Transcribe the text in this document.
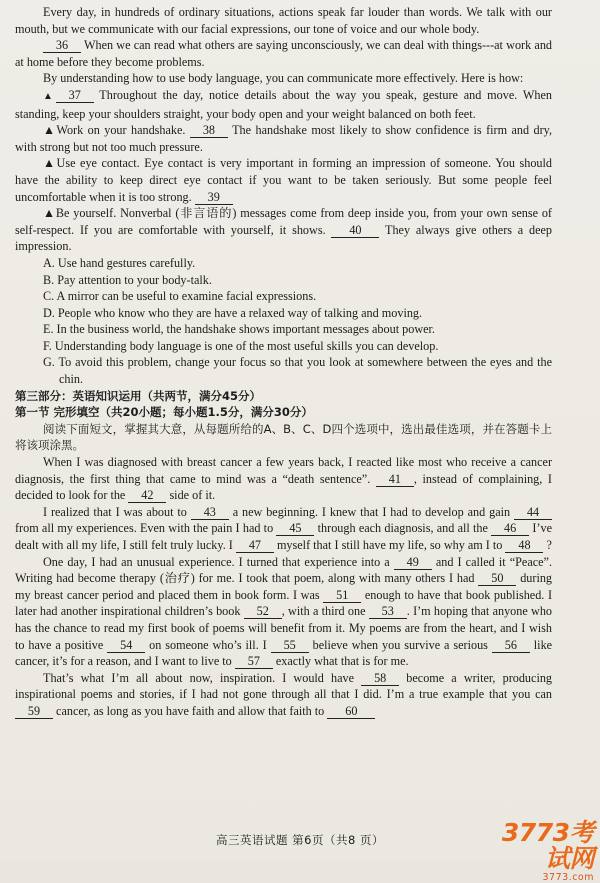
Every day, in hundreds of ordinary situations, actions speak far louder than words. We talk with our mouth, but we communicate with our facial expressions, our tone of voice and our whole body.

36 When we can read what others are saying unconsciously, we can deal with things---at work and at home before they become problems.

By understanding how to use body language, you can communicate more effectively. Here is how:

▲ 37 Throughout the day, notice details about the way you speak, gesture and move. When standing, keep your shoulders straight, your body open and your weight balanced on both feet.

▲Work on your handshake. 38 The handshake most likely to show confidence is firm and dry, with strong but not too much pressure.

▲Use eye contact. Eye contact is very important in forming an impression of someone. You should have the ability to keep direct eye contact if you want to be taken seriously. But some people feel uncomfortable when it is too strong. 39

▲Be yourself. Nonverbal (非言语的) messages come from deep inside you, from your own sense of self-respect. If you are comfortable with yourself, it shows. 40 They always give others a deep impression.

A. Use hand gestures carefully.

B. Pay attention to your body-talk.

C. A mirror can be useful to examine facial expressions.

D. People who know who they are have a relaxed way of talking and moving.

E. In the business world, the handshake shows important messages about power.

F. Understanding body language is one of the most useful skills you can develop.

G. To avoid this problem, change your focus so that you look at somewhere between the eyes and the chin.

第三部分：英语知识运用（共两节，满分45分）

第一节 完形填空（共20小题；每小题1.5分，满分30分）

阅读下面短文，掌握其大意，从每题所给的A、B、C、D四个选项中，选出最佳选项，并在答题卡上将该项涂黑。

When I was diagnosed with breast cancer a few years back, I reacted like most who receive a cancer diagnosis, the first thing that came to mind was a “death sentence”. 41 , instead of complaining, I decided to look for the 42 side of it.

I realized that I was about to 43 a new beginning. I knew that I had to develop and gain 44 from all my experiences. Even with the pain I had to 45 through each diagnosis, and all the 46 I’ve dealt with all my life, I still felt truly lucky. I 47 myself that I still have my life, so why am I to 48 ?

One day, I had an unusual experience. I turned that experience into a 49 and I called it “Peace”. Writing had become therapy (治疗) for me. I took that poem, along with many others I had 50 during my breast cancer period and placed them in book form. I was 51 enough to have that book published. I later had another inspirational children’s book 52 , with a third one 53 . I’m hoping that anyone who has the chance to read my first book of poems will benefit from it. My poems are from the heart, and I wish to have a positive 54 on someone who’s ill. I 55 believe when you survive a serious 56 like cancer, it’s for a reason, and I want to live to 57 exactly what that is for me.

That’s what I’m all about now, inspiration. I would have 58 become a writer, producing inspirational poems and stories, if I had not gone through all that I did. I’m a true example that you can 59 cancer, as long as you have faith and allow that faith to 60

高三英语试题 第6页（共8 页）	3773考试网
3773.com
